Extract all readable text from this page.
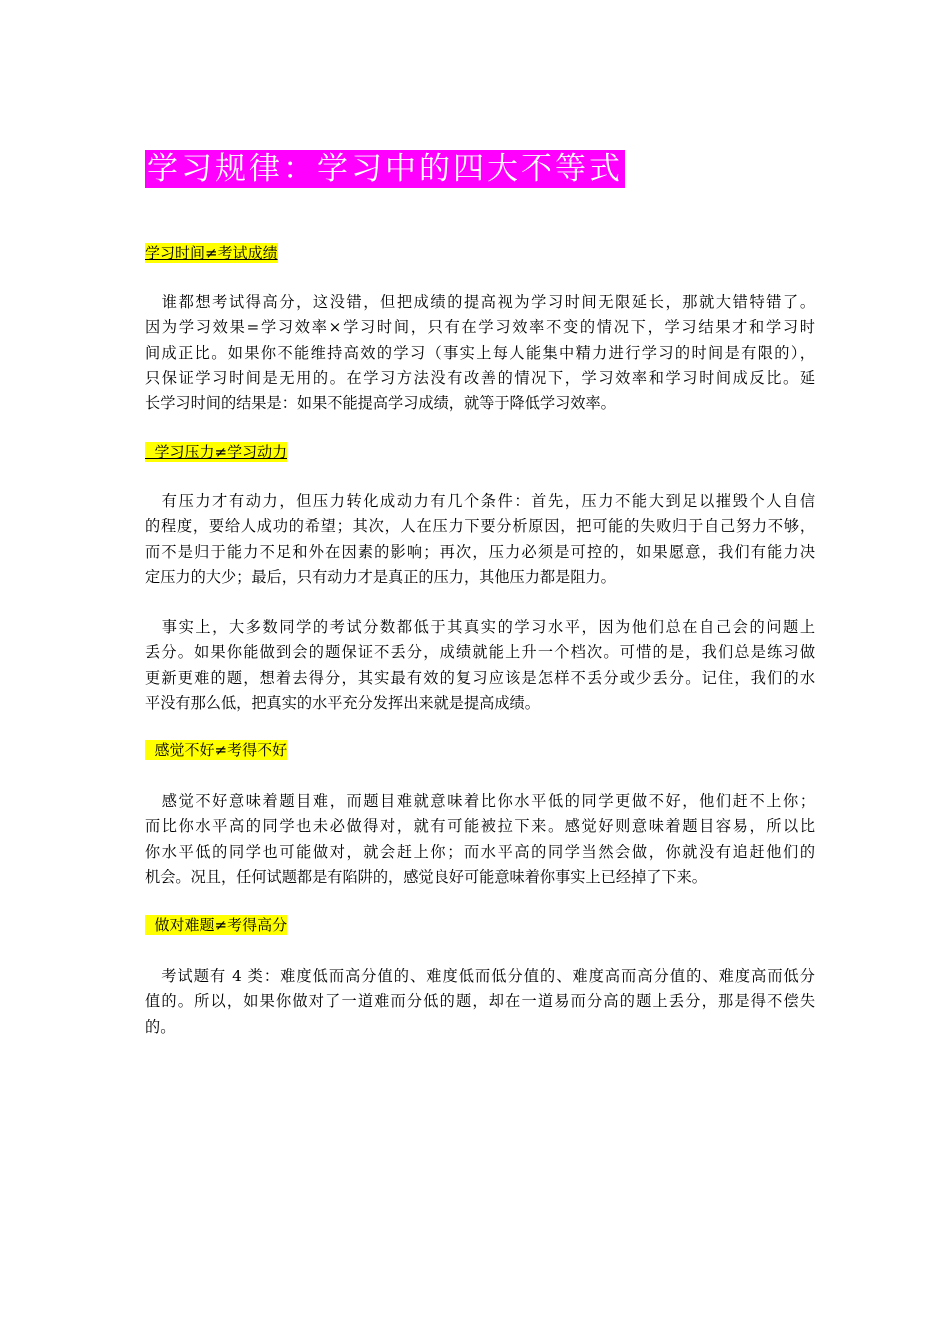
学习规律：学习中的四大不等式
学习时间≠考试成绩
　谁都想考试得高分，这没错，但把成绩的提高视为学习时间无限延长，那就大错特错了。
因为学习效果=学习效率×学习时间，只有在学习效率不变的情况下，学习结果才和学习时
间成正比。如果你不能维持高效的学习（事实上每人能集中精力进行学习的时间是有限的），
只保证学习时间是无用的。在学习方法没有改善的情况下，学习效率和学习时间成反比。延
长学习时间的结果是：如果不能提高学习成绩，就等于降低学习效率。
学习压力≠学习动力
　有压力才有动力，但压力转化成动力有几个条件：首先，压力不能大到足以摧毁个人自信
的程度，要给人成功的希望；其次，人在压力下要分析原因，把可能的失败归于自己努力不够，
而不是归于能力不足和外在因素的影响；再次，压力必须是可控的，如果愿意，我们有能力决
定压力的大少；最后，只有动力才是真正的压力，其他压力都是阻力。
　事实上，大多数同学的考试分数都低于其真实的学习水平，因为他们总在自己会的问题上
丢分。如果你能做到会的题保证不丢分，成绩就能上升一个档次。可惜的是，我们总是练习做
更新更难的题，想着去得分，其实最有效的复习应该是怎样不丢分或少丢分。记住，我们的水
平没有那么低，把真实的水平充分发挥出来就是提高成绩。
感觉不好≠考得不好
　感觉不好意味着题目难，而题目难就意味着比你水平低的同学更做不好，他们赶不上你；
而比你水平高的同学也未必做得对，就有可能被拉下来。感觉好则意味着题目容易，所以比
你水平低的同学也可能做对，就会赶上你；而水平高的同学当然会做，你就没有追赶他们的
机会。况且，任何试题都是有陷阱的，感觉良好可能意味着你事实上已经掉了下来。
做对难题≠考得高分
　考试题有 4 类：难度低而高分值的、难度低而低分值的、难度高而高分值的、难度高而低分
值的。所以，如果你做对了一道难而分低的题，却在一道易而分高的题上丢分，那是得不偿失
的。
